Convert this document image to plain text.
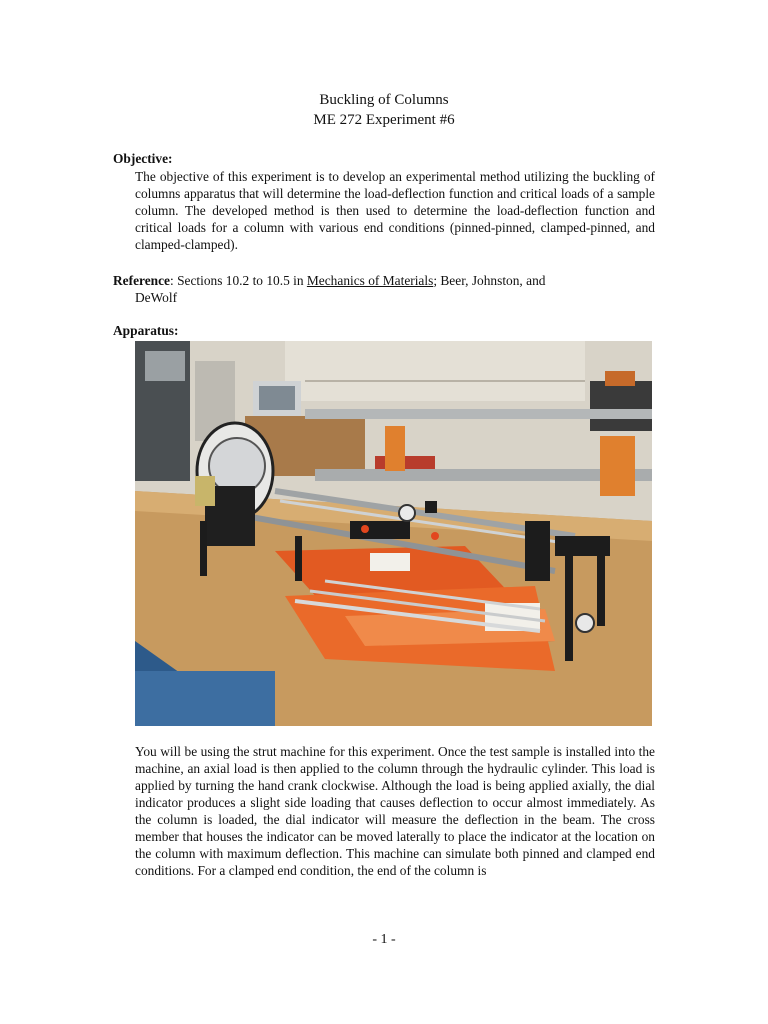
Buckling of Columns
ME 272 Experiment #6
Objective:

The objective of this experiment is to develop an experimental method utilizing the buckling of columns apparatus that will determine the load-deflection function and critical loads of a sample column. The developed method is then used to determine the load-deflection function and critical loads for a column with various end conditions (pinned-pinned, clamped-pinned, and clamped-clamped).

Reference: Sections 10.2 to 10.5 in Mechanics of Materials; Beer, Johnston, and
DeWolf

Apparatus:

You will be using the strut machine for this experiment. Once the test sample is installed into the machine, an axial load is then applied to the column through the hydraulic cylinder. This load is applied by turning the hand crank clockwise. Although the load is being applied axially, the dial indicator produces a slight side loading that causes deflection to occur almost immediately. As the column is loaded, the dial indicator will measure the deflection in the beam. The cross member that houses the indicator can be moved laterally to place the indicator at the location on the column with maximum deflection. This machine can simulate both pinned and clamped end conditions. For a clamped end condition, the end of the column is

- 1 -
